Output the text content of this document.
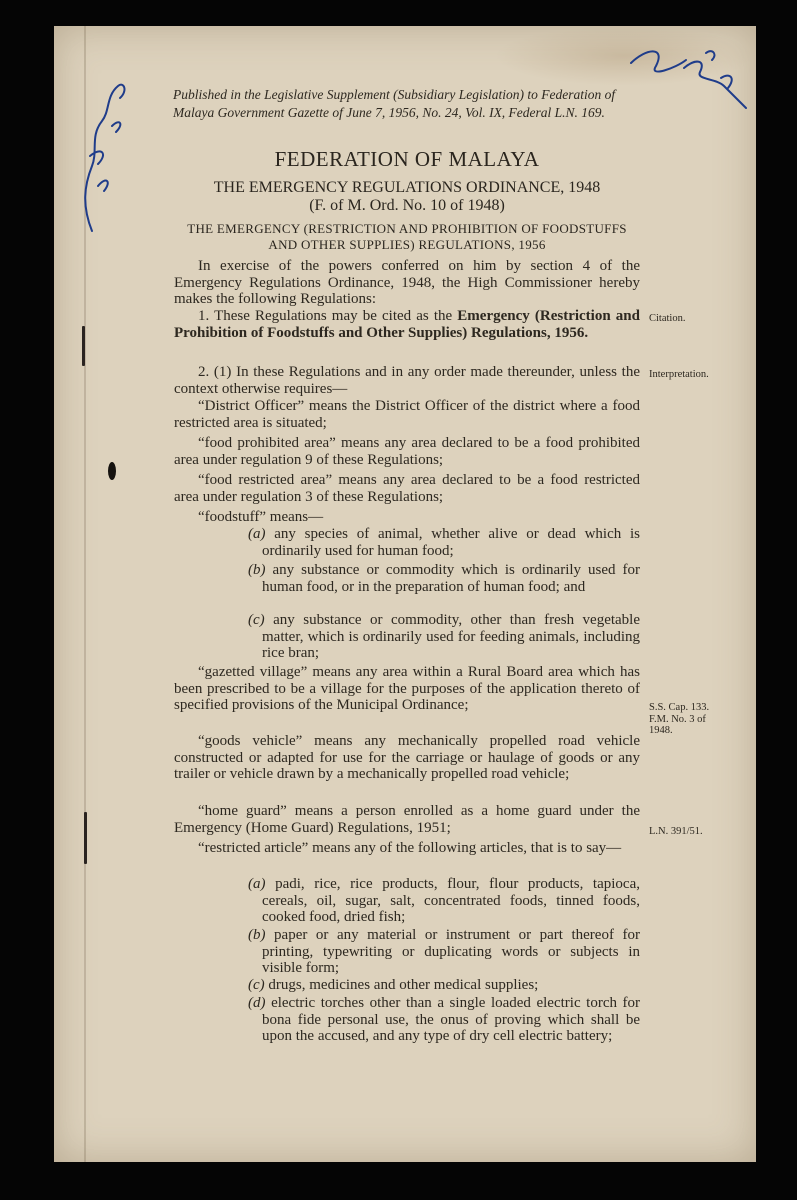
Published in the Legislative Supplement (Subsidiary Legislation) to Federation of Malaya Government Gazette of June 7, 1956, No. 24, Vol. IX, Federal L.N. 169.
FEDERATION OF MALAYA
THE EMERGENCY REGULATIONS ORDINANCE, 1948
(F. of M. Ord. No. 10 of 1948)
THE EMERGENCY (RESTRICTION AND PROHIBITION OF FOODSTUFFS AND OTHER SUPPLIES) REGULATIONS, 1956
In exercise of the powers conferred on him by section 4 of the Emergency Regulations Ordinance, 1948, the High Commissioner hereby makes the following Regulations:
1. These Regulations may be cited as the Emergency (Restriction and Prohibition of Foodstuffs and Other Supplies) Regulations, 1956.
Citation.
2. (1) In these Regulations and in any order made thereunder, unless the context otherwise requires—
Interpretation.
“District Officer” means the District Officer of the district where a food restricted area is situated;
“food prohibited area” means any area declared to be a food prohibited area under regulation 9 of these Regulations;
“food restricted area” means any area declared to be a food restricted area under regulation 3 of these Regulations;
“foodstuff” means—
(a) any species of animal, whether alive or dead which is ordinarily used for human food;
(b) any substance or commodity which is ordinarily used for human food, or in the preparation of human food; and
(c) any substance or commodity, other than fresh vegetable matter, which is ordinarily used for feeding animals, including rice bran;
“gazetted village” means any area within a Rural Board area which has been prescribed to be a village for the purposes of the application thereto of specified provisions of the Municipal Ordinance;	S.S. Cap. 133. F.M. No. 3 of 1948.
“goods vehicle” means any mechanically propelled road vehicle constructed or adapted for use for the carriage or haulage of goods or any trailer or vehicle drawn by a mechanically propelled road vehicle;
“home guard” means a person enrolled as a home guard under the Emergency (Home Guard) Regulations, 1951;	L.N. 391/51.
“restricted article” means any of the following articles, that is to say—
(a) padi, rice, rice products, flour, flour products, tapioca, cereals, oil, sugar, salt, concentrated foods, tinned foods, cooked food, dried fish;
(b) paper or any material or instrument or part thereof for printing, typewriting or duplicating words or subjects in visible form;
(c) drugs, medicines and other medical supplies;
(d) electric torches other than a single loaded electric torch for bona fide personal use, the onus of proving which shall be upon the accused, and any type of dry cell electric battery;
